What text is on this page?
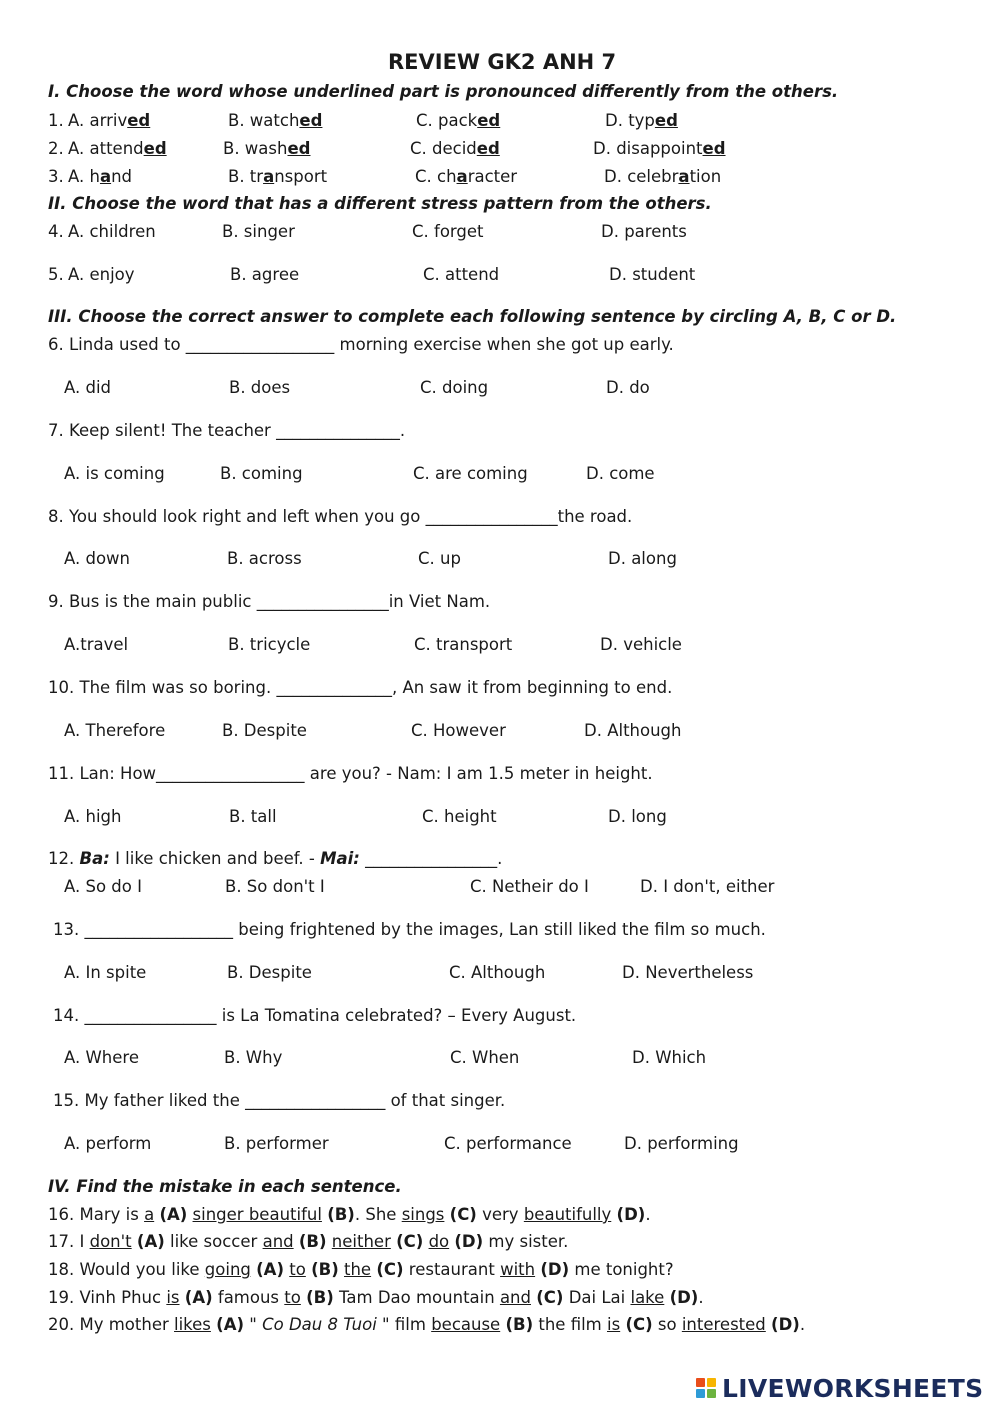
REVIEW GK2 ANH 7
I. Choose the word whose underlined part is pronounced differently from the others.
1. A. arrived	B. watched	C. packed	D. typed
2. A. attended	B. washed	C. decided	D. disappointed
3. A. hand	B. transport	C. character	D. celebration
II. Choose the word that has a different stress pattern from the others.
4. A. children	B. singer	C. forget	D. parents
5. A. enjoy	B. agree	C. attend	D. student
III. Choose the correct answer to complete each following sentence by circling A, B, C or D.
6. Linda used to __________________ morning exercise when she got up early.
A. did	B. does	C. doing	D. do
7. Keep silent! The teacher _______________.
A. is coming	B. coming	C. are coming	D. come
8. You should look right and left when you go ________________the road.
A. down	B. across	C. up	D. along
9. Bus is the main public ________________in Viet Nam.
A.travel	B. tricycle	C. transport	D. vehicle
10. The film was so boring. ______________, An saw it from beginning to end.
A. Therefore	B. Despite	C. However	D. Although
11. Lan: How__________________ are you? - Nam: I am 1.5 meter in height.
A. high	B. tall	C. height	D. long
12. Ba: I like chicken and beef. - Mai: ________________.
A. So do I	B. So don't I	C. Netheir do I	D. I don't, either
13. __________________ being frightened by the images, Lan still liked the film so much.
A. In spite	B. Despite	C. Although	D. Nevertheless
14. ________________ is La Tomatina celebrated? – Every August.
A. Where	B. Why	C. When	D. Which
15. My father liked the _________________ of that singer.
A. perform	B. performer	C. performance	D. performing
IV. Find the mistake in each sentence.
16. Mary is a (A) singer beautiful (B). She sings (C) very beautifully (D).
17. I don't (A) like soccer and (B) neither (C) do (D) my sister.
18. Would you like going (A) to (B) the (C) restaurant with (D) me tonight?
19. Vinh Phuc is (A) famous to (B) Tam Dao mountain and (C) Dai Lai lake (D).
20. My mother likes (A) " Co Dau 8 Tuoi " film because (B) the film is (C) so interested (D).
LIVEWORKSHEETS
